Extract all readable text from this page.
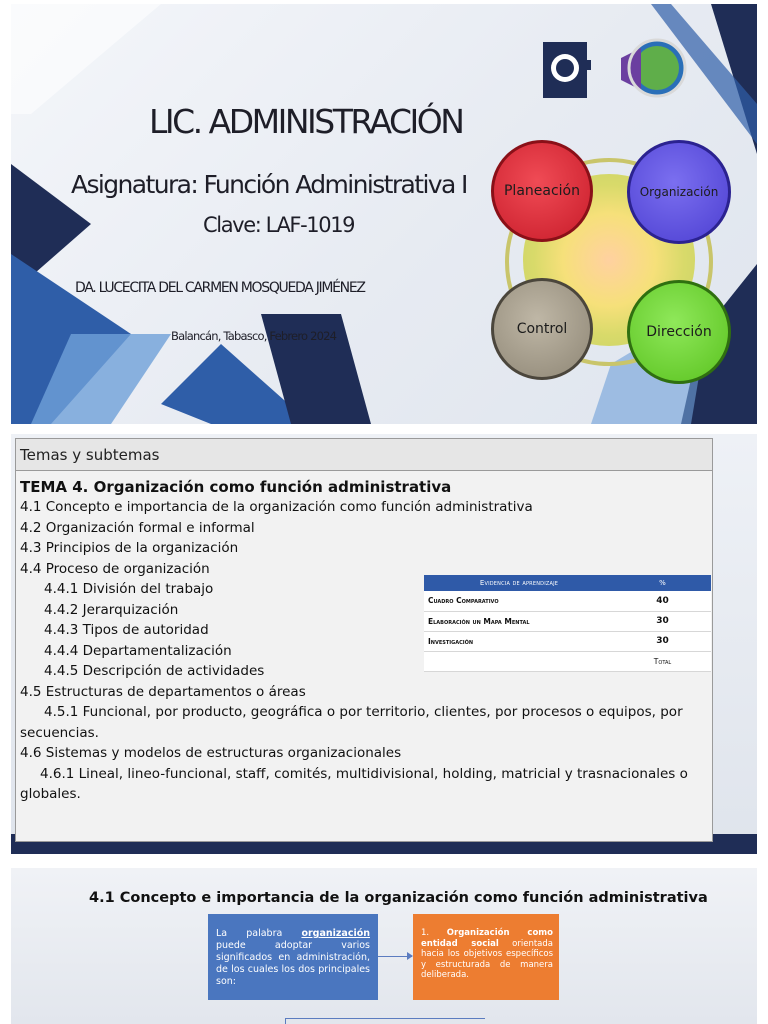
LIC. ADMINISTRACIÓN
Asignatura: Función Administrativa I
Clave: LAF-1019
DA. LUCECITA DEL CARMEN MOSQUEDA JIMÉNEZ
Balancán, Tabasco, Febrero 2024
Planeación	Organización
Control	Dirección
Temas y subtemas
TEMA 4. Organización como función administrativa
4.1 Concepto e importancia de la organización como función administrativa
4.2 Organización formal e informal
4.3 Principios de la organización
4.4 Proceso de organización
4.4.1 División del trabajo
4.4.2 Jerarquización
4.4.3 Tipos de autoridad
4.4.4 Departamentalización
4.4.5 Descripción de actividades
4.5 Estructuras de departamentos o áreas
4.5.1 Funcional, por producto, geográfica o por territorio, clientes, por procesos o equipos, por secuencias.
4.6 Sistemas y modelos de estructuras organizacionales
4.6.1 Lineal, lineo-funcional, staff, comités, multidivisional, holding, matricial y trasnacionales o globales.
Evidencia de aprendizaje	%
Cuadro Comparativo	40
Elaboración un Mapa Mental	30
Investigación	30
	Total
4.1 Concepto e importancia de la organización como función administrativa
La palabra organización puede adoptar varios significados en administración, de los cuales los dos principales son:
1. Organización como entidad social orientada hacia los objetivos específicos y estructurada de manera deliberada.
